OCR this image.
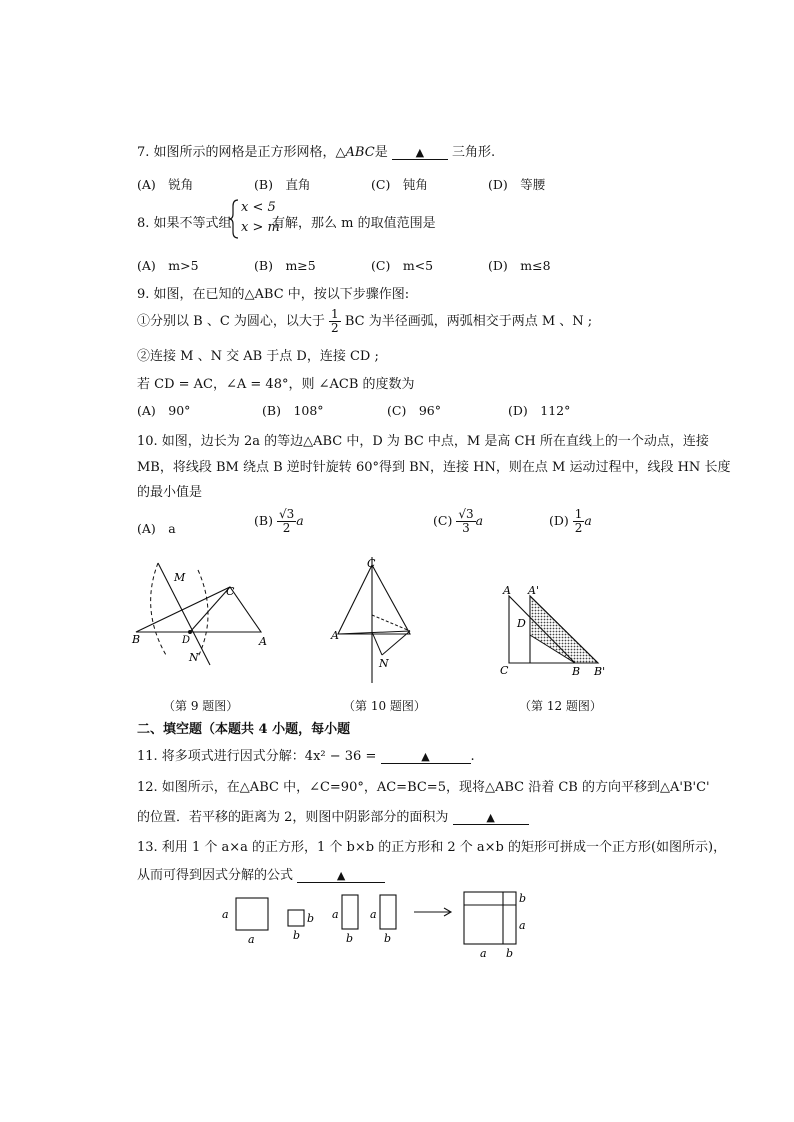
7. 如图所示的网格是正方形网格，△ABC是	▲ 三角形.
(A)　锐角	(B)　直角	(C)　钝角	(D)　等腰
8. 如果不等式组
x < 5
x > m
有解，那么 m 的取值范围是
(A)　m>5	(B)　m≥5	(C)　m<5	(D)　m≤8
9. 如图，在已知的△ABC 中，按以下步骤作图:
①分别以 B 、C 为圆心，以大于 $\frac{1}{2}$ BC 为半径画弧，两弧相交于两点 M 、N ;
②连接 M 、N 交 AB 于点 D，连接 CD ;
若 CD = AC，∠A = 48°，则 ∠ACB 的度数为
(A)　90°	(B)　108°	(C)　96°	(D)　112°
10. 如图，边长为 2a 的等边△ABC 中，D 为 BC 中点，M 是高 CH 所在直线上的一个动点，连接
MB，将线段 BM 绕点 B 逆时针旋转 60°得到 BN，连接 HN，则在点 M 运动过程中，线段 HN 长度
的最小值是
(A)　a
$(B) \frac{√3}{2}$ a	$(C) \frac{√3}{3}$ a	$(D) \frac{1}{2}$ a
M
C
B	D	A
N
C
A
N
A A'
D
C	B B'
（第 9 题图）	（第 10 题图）	（第 12 题图）
二、填空题（本题共 4 小题，每小题
11. 将多项式进行因式分解：4x² − 36 =	▲	.
12. 如图所示，在△ABC 中，∠C=90°，AC=BC=5，现将△ABC 沿着 CB 的方向平移到△A'B'C'
的位置．若平移的距离为 2，则图中阴影部分的面积为	▲
13. 利用 1 个 a×a 的正方形，1 个 b×b 的正方形和 2 个 a×b 的矩形可拼成一个正方形(如图所示)，
从而可得到因式分解的公式	▲
a
a
b
b
a
b
a
b
b
a
a b
